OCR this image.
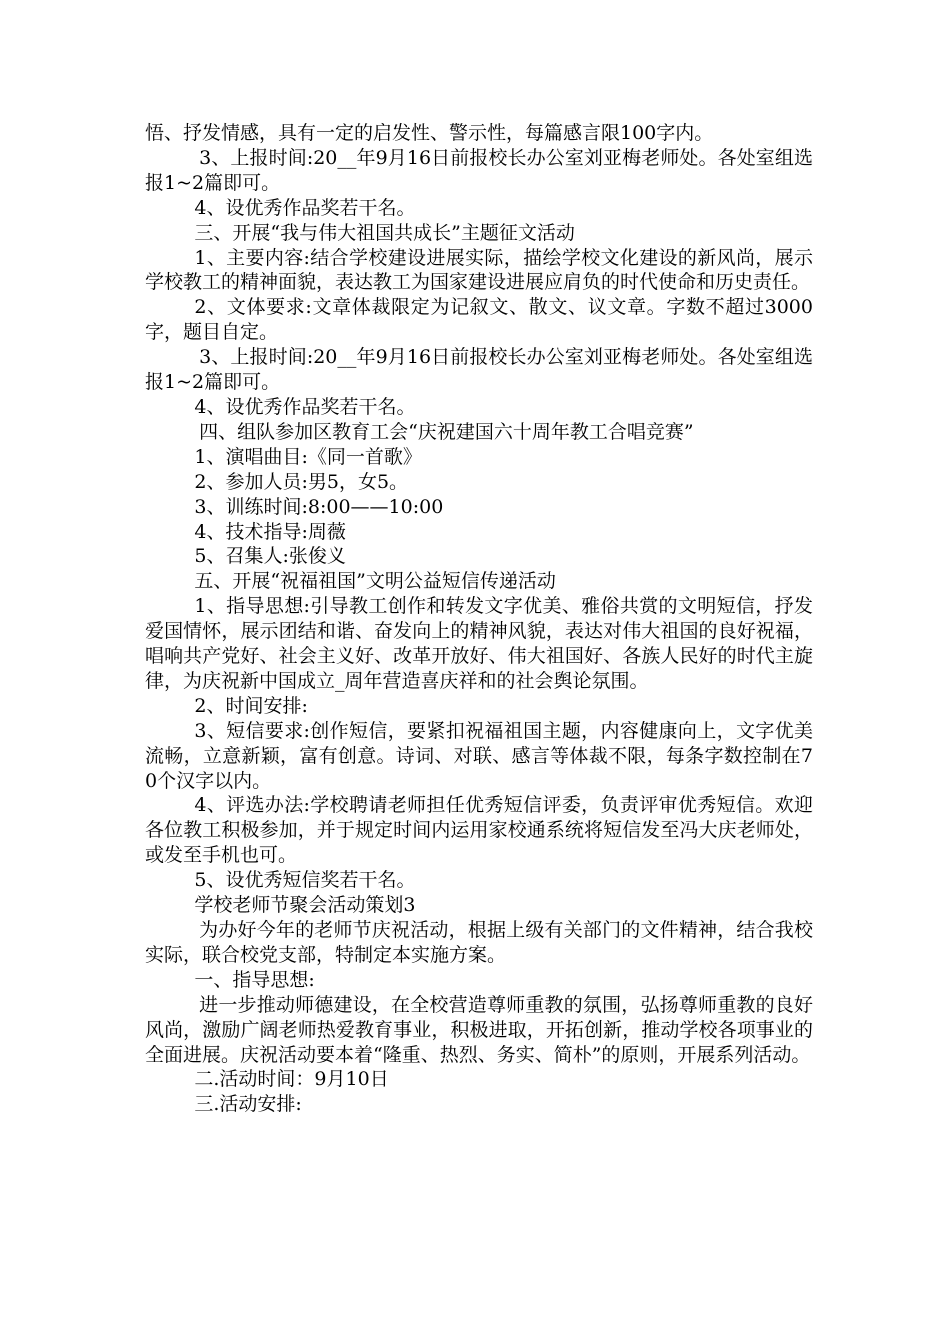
悟、抒发情感，具有一定的启发性、警示性，每篇感言限100字内。

3、上报时间:20__年9月16日前报校长办公室刘亚梅老师处。各处室组选报1~2篇即可。

4、设优秀作品奖若干名。

三、开展“我与伟大祖国共成长”主题征文活动

1、主要内容:结合学校建设进展实际，描绘学校文化建设的新风尚，展示学校教工的精神面貌，表达教工为国家建设进展应肩负的时代使命和历史责任。

2、文体要求:文章体裁限定为记叙文、散文、议文章。字数不超过3000字，题目自定。

3、上报时间:20__年9月16日前报校长办公室刘亚梅老师处。各处室组选报1~2篇即可。

4、设优秀作品奖若干名。

四、组队参加区教育工会“庆祝建国六十周年教工合唱竞赛”

1、演唱曲目:《同一首歌》

2、参加人员:男5，女5。

3、训练时间:8:00——10:00

4、技术指导:周薇

5、召集人:张俊义

五、开展“祝福祖国”文明公益短信传递活动

1、指导思想:引导教工创作和转发文字优美、雅俗共赏的文明短信，抒发爱国情怀，展示团结和谐、奋发向上的精神风貌，表达对伟大祖国的良好祝福，唱响共产党好、社会主义好、改革开放好、伟大祖国好、各族人民好的时代主旋律，为庆祝新中国成立_周年营造喜庆祥和的社会舆论氛围。

2、时间安排:

3、短信要求:创作短信，要紧扣祝福祖国主题，内容健康向上，文字优美流畅，立意新颖，富有创意。诗词、对联、感言等体裁不限，每条字数控制在70个汉字以内。

4、评选办法:学校聘请老师担任优秀短信评委，负责评审优秀短信。欢迎各位教工积极参加，并于规定时间内运用家校通系统将短信发至冯大庆老师处，或发至手机也可。

5、设优秀短信奖若干名。

学校老师节聚会活动策划3

为办好今年的老师节庆祝活动，根据上级有关部门的文件精神，结合我校实际，联合校党支部，特制定本实施方案。

一、指导思想:

进一步推动师德建设，在全校营造尊师重教的氛围，弘扬尊师重教的良好风尚，激励广阔老师热爱教育事业，积极进取，开拓创新，推动学校各项事业的全面进展。庆祝活动要本着“隆重、热烈、务实、简朴”的原则，开展系列活动。

二.活动时间：9月10日

三.活动安排:
